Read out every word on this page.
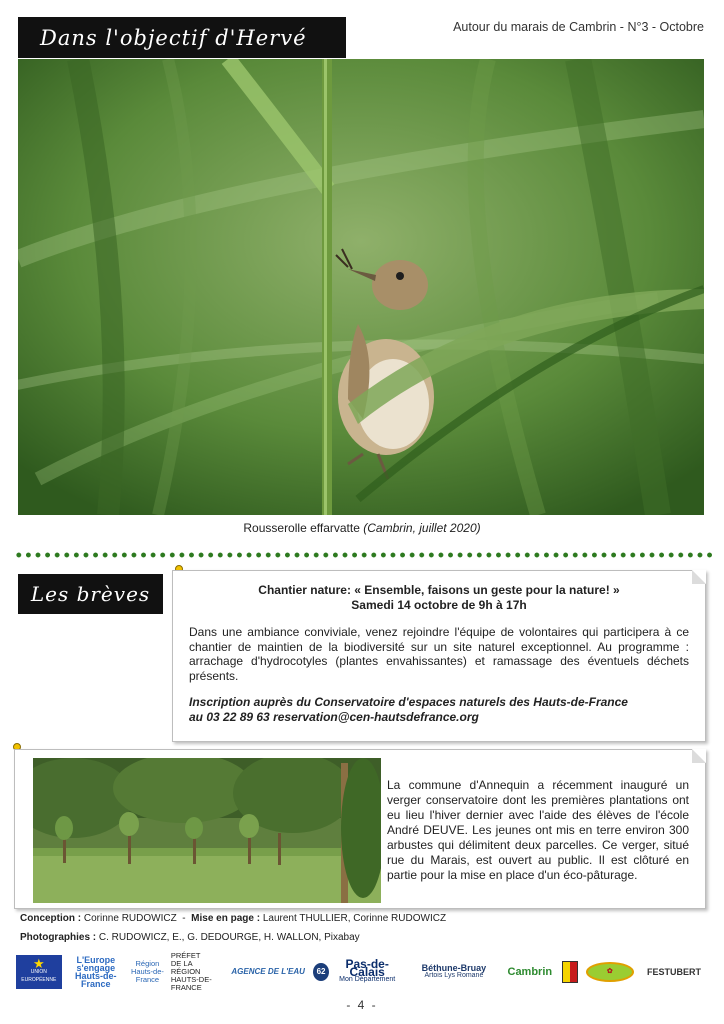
Dans l'objectif d'Hervé	Autour du marais de Cambrin - N°3 - Octobre
Rousserolle effarvatte (Cambrin, juillet 2020)
Les brèves	Chantier nature: « Ensemble, faisons un geste pour la nature! »
Samedi 14 octobre de 9h à 17h
Dans une ambiance conviviale, venez rejoindre l'équipe de volontaires qui participera à ce chantier de maintien de la biodiversité sur un site naturel exceptionnel. Au programme : arrachage d'hydrocotyles (plantes envahissantes) et ramassage des éventuels déchets présents.
Inscription auprès du Conservatoire d'espaces naturels des Hauts-de-France
au 03 22 89 63 reservation@cen-hautsdefrance.org
La commune d'Annequin a récemment inauguré un verger conservatoire dont les premières plantations ont eu lieu l'hiver dernier avec l'aide des élèves de l'école André DEUVE. Les jeunes ont mis en terre environ 300 arbustes qui délimitent deux parcelles. Ce verger, situé rue du Marais, est ouvert au public. Il est clôturé en partie pour la mise en place d'un éco-pâturage.
Conception : Corinne RUDOWICZ - Mise en page : Laurent THULLIER, Corinne RUDOWICZ
Photographies : C. RUDOWICZ, E., G. DEDOURGE, H. WALLON, Pixabay
★
UNION EUROPÉENNE
L'Europe s'engage Hauts-de-France
Région Hauts-de-France
PRÉFET
DE LA RÉGION
HAUTS-DE-FRANCE
AGENCE DE L'EAU	62
Pas-de-Calais
Mon Département
Béthune-Bruay
Artois Lys Romane Cambrin	✿	FESTUBERT
- 4 -
